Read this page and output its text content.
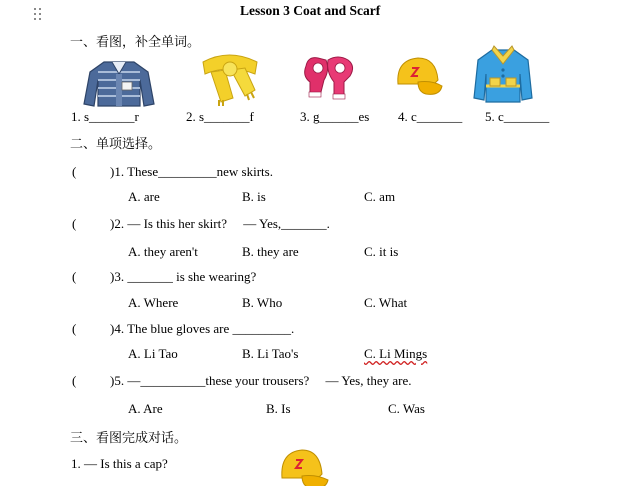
Lesson 3 Coat and Scarf
一、看图，补全单词。
1. s_______r	2. s_______f	3. g______es 4. c_______ 5. c_______
二、单项选择。
(	)1. These_________new skirts.
A. are	B. is	C. am
(	)2. — Is this her skirt?     — Yes,_______.
A. they aren't	B. they are	C. it is
(	)3. _______ is she wearing?
A. Where	B. Who	C. What
(	)4. The blue gloves are _________.
A. Li Tao	B. Li Tao's	C. Li Mings
(	)5. —__________these your trousers?     — Yes, they are.
A. Are	B. Is	C. Was
三、看图完成对话。
1. — Is this a cap?
